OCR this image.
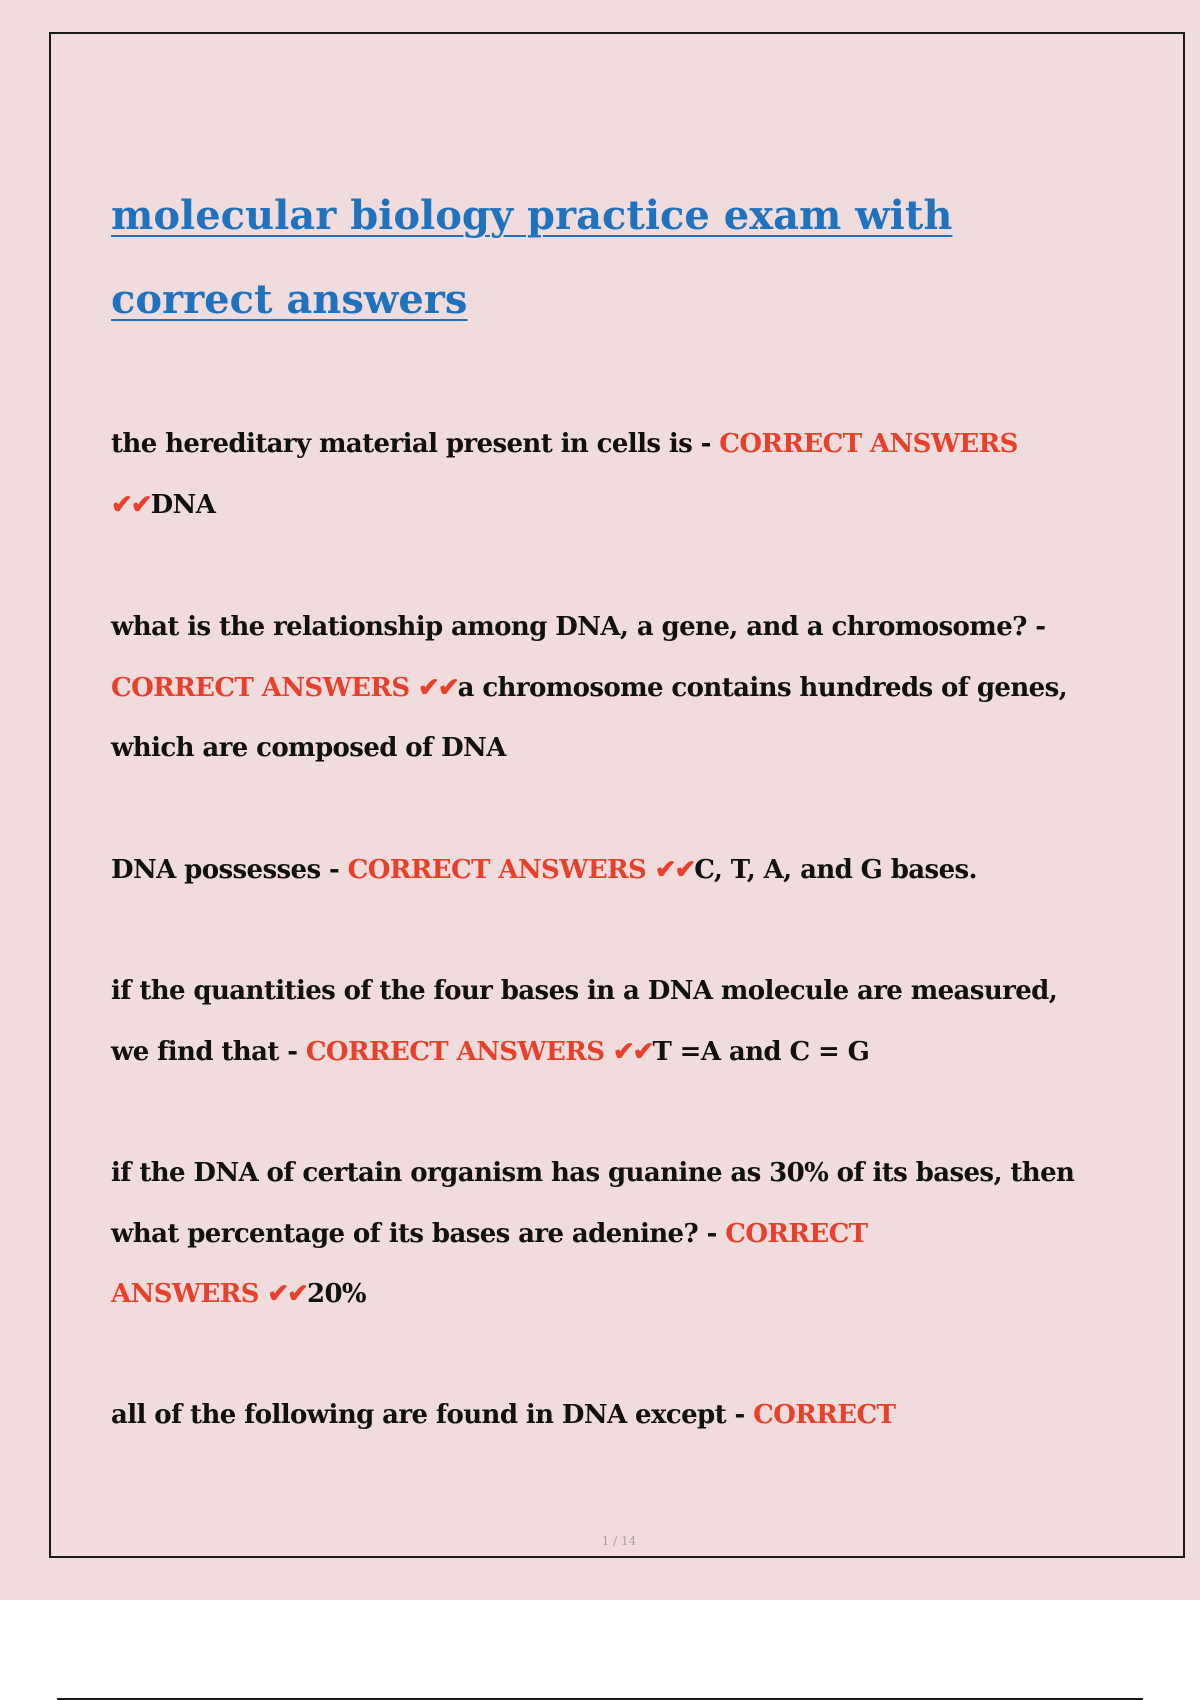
molecular biology practice exam with
correct answers

the hereditary material present in cells is - CORRECT ANSWERS
✔✔DNA

what is the relationship among DNA, a gene, and a chromosome? - CORRECT ANSWERS ✔✔a chromosome contains hundreds of genes, which are composed of DNA

DNA possesses - CORRECT ANSWERS ✔✔C, T, A, and G bases.

if the quantities of the four bases in a DNA molecule are measured, we find that - CORRECT ANSWERS ✔✔T =A and C = G

if the DNA of certain organism has guanine as 30% of its bases, then what percentage of its bases are adenine? - CORRECT
ANSWERS ✔✔20%

all of the following are found in DNA except - CORRECT

1 / 14
